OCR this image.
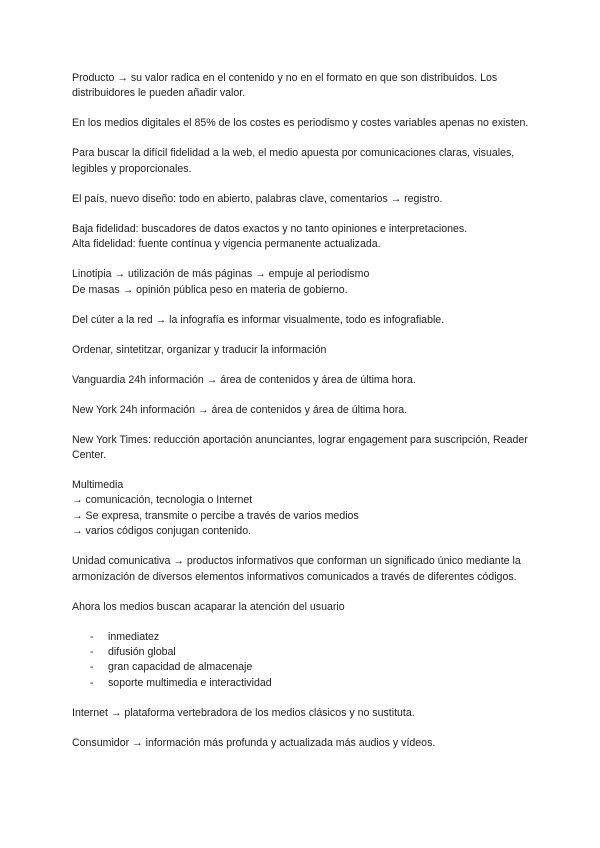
Producto → su valor radica en el contenido y no en el formato en que son distribuidos. Los distribuidores le pueden añadir valor.

En los medios digitales el 85% de los costes es periodismo y costes variables apenas no existen.

Para buscar la difícil fidelidad a la web, el medio apuesta por comunicaciones claras, visuales, legibles y proporcionales.

El país, nuevo diseño: todo en abierto, palabras clave, comentarios → registro.

Baja fidelidad: buscadores de datos exactos y no tanto opiniones e interpretaciones.

Alta fidelidad: fuente contínua y vigencia permanente actualizada.

Linotipia → utilización de más páginas → empuje al periodismo

De masas → opinión pública peso en materia de gobierno.

Del cúter a la red → la infografía es informar visualmente, todo es infografiable.

Ordenar, sintetitzar, organizar y traducir la información

Vanguardia 24h información → área de contenidos y área de última hora.

New York 24h información → área de contenidos y área de última hora.

New York Times: reducción aportación anunciantes, lograr engagement para suscripción, Reader Center.

Multimedia

→ comunicación, tecnologia o Internet

→ Se expresa, transmite o percibe a través de varios medios

→ varios códigos conjugan contenido.

Unidad comunicativa → productos informativos que conforman un significado único mediante la armonización de diversos elementos informativos comunicados a través de diferentes códigos.

Ahora los medios buscan acaparar la atención del usuario

- inmediatez
- difusión global
- gran capacidad de almacenaje
- soporte multimedia e interactividad

Internet → plataforma vertebradora de los medios clásicos y no sustituta.

Consumidor → información más profunda y actualizada más audios y vídeos.
